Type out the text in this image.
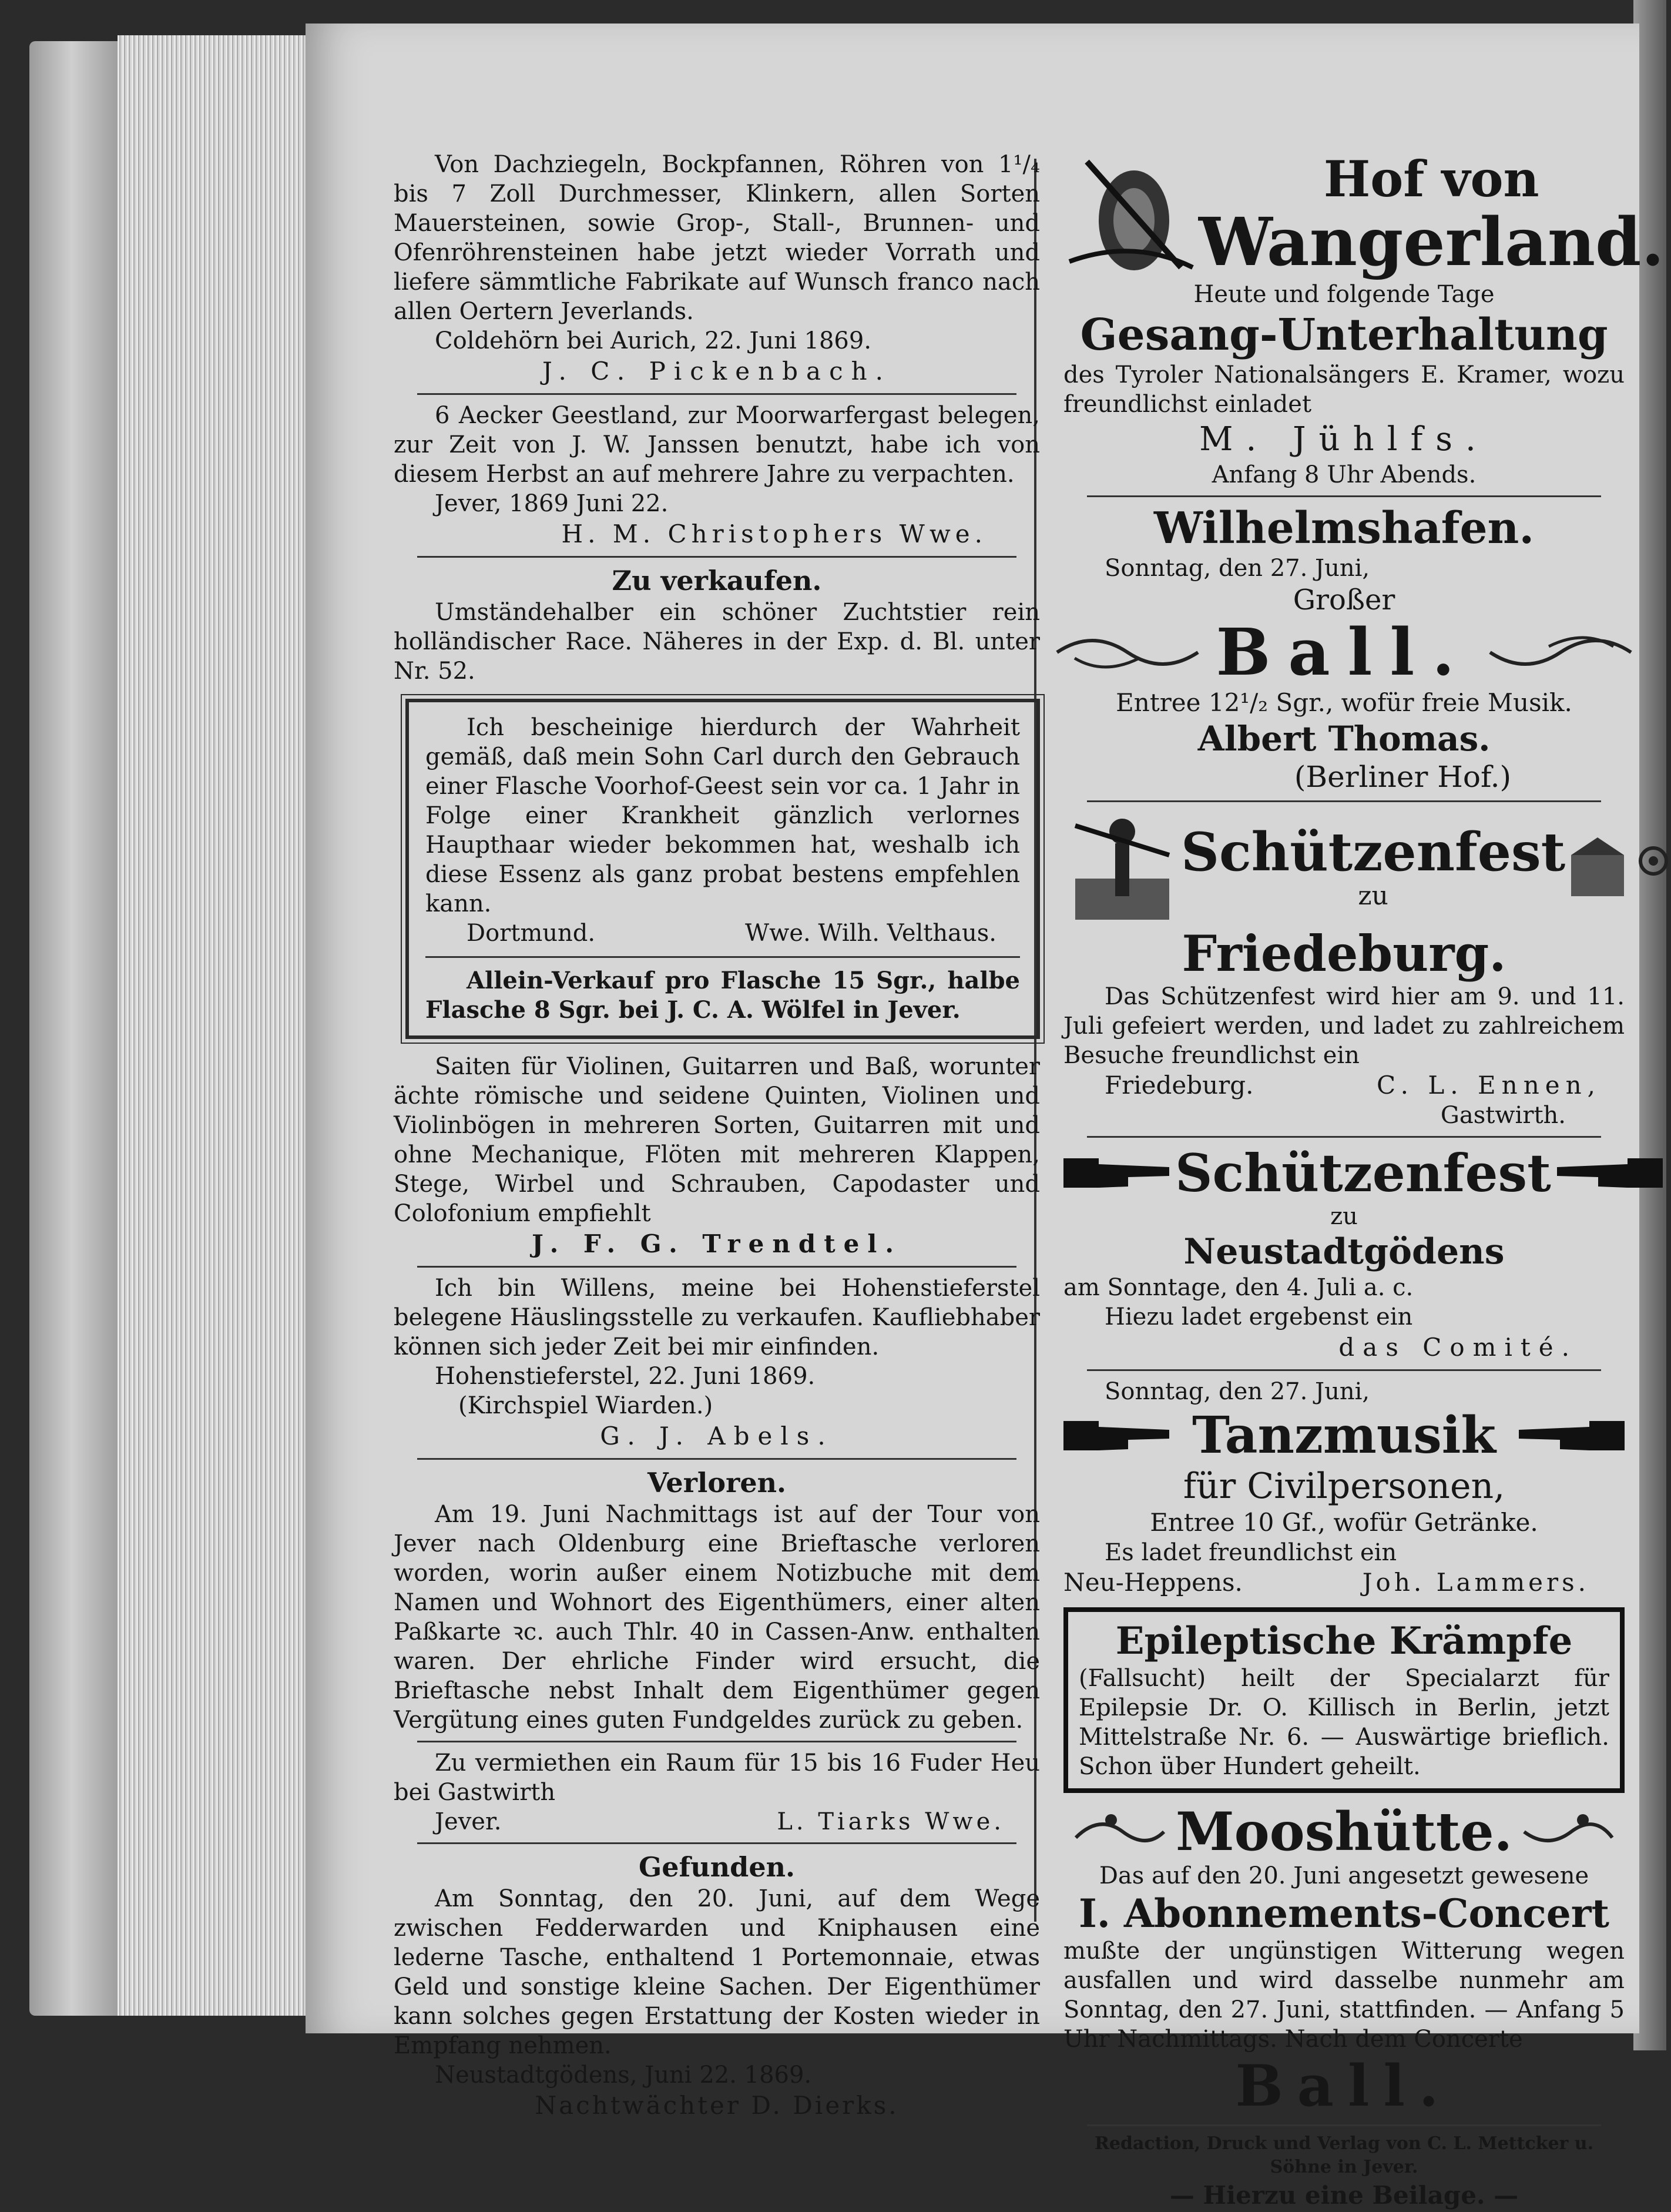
Von Dachziegeln, Bockpfannen, Röhren von 1¹/₄ bis 7 Zoll Durchmesser, Klinkern, allen Sorten Mauersteinen, sowie Grop-, Stall-, Brunnen- und Ofenröhrensteinen habe jetzt wieder Vorrath und liefere sämmtliche Fabrikate auf Wunsch franco nach allen Oertern Jeverlands.

Coldehörn bei Aurich, 22. Juni 1869.

J. C. Pickenbach.

6 Aecker Geestland, zur Moorwarfergast belegen, zur Zeit von J. W. Janssen benutzt, habe ich von diesem Herbst an auf mehrere Jahre zu verpachten.

Jever, 1869 Juni 22.

H. M. Christophers Wwe.

Zu verkaufen.

Umständehalber ein schöner Zuchtstier rein holländischer Race. Näheres in der Exp. d. Bl. unter Nr. 52.

Ich bescheinige hierdurch der Wahrheit gemäß, daß mein Sohn Carl durch den Gebrauch einer Flasche Voorhof-Geest sein vor ca. 1 Jahr in Folge einer Krankheit gänzlich verlornes Haupthaar wieder bekommen hat, weshalb ich diese Essenz als ganz probat bestens empfehlen kann.

Dortmund.	Wwe. Wilh. Velthaus.

Allein-Verkauf pro Flasche 15 Sgr., halbe Flasche 8 Sgr. bei J. C. A. Wölfel in Jever.

Saiten für Violinen, Guitarren und Baß, worunter ächte römische und seidene Quinten, Violinen und Violinbögen in mehreren Sorten, Guitarren mit und ohne Mechanique, Flöten mit mehreren Klappen, Stege, Wirbel und Schrauben, Capodaster und Colofonium empfiehlt

J. F. G. Trendtel.

Ich bin Willens, meine bei Hohenstieferstel belegene Häuslingsstelle zu verkaufen. Kaufliebhaber können sich jeder Zeit bei mir einfinden.

Hohenstieferstel, 22. Juni 1869.

(Kirchspiel Wiarden.)

G. J. Abels.

Verloren.

Am 19. Juni Nachmittags ist auf der Tour von Jever nach Oldenburg eine Brieftasche verloren worden, worin außer einem Notizbuche mit dem Namen und Wohnort des Eigenthümers, einer alten Paßkarte ꝛc. auch Thlr. 40 in Cassen-Anw. enthalten waren. Der ehrliche Finder wird ersucht, die Brieftasche nebst Inhalt dem Eigenthümer gegen Vergütung eines guten Fundgeldes zurück zu geben.

Zu vermiethen ein Raum für 15 bis 16 Fuder Heu bei Gastwirth

Jever.	L. Tiarks Wwe.

Gefunden.

Am Sonntag, den 20. Juni, auf dem Wege zwischen Fedderwarden und Kniphausen eine lederne Tasche, enthaltend 1 Portemonnaie, etwas Geld und sonstige kleine Sachen. Der Eigenthümer kann solches gegen Erstattung der Kosten wieder in Empfang nehmen.

Neustadtgödens, Juni 22. 1869.

Nachtwächter D. Dierks.

Hof von
Wangerland.

Heute und folgende Tage

Gesang-Unterhaltung

des Tyroler Nationalsängers E. Kramer, wozu freundlichst einladet

M. Jühlfs.

Anfang 8 Uhr Abends.

Wilhelmshafen.

Sonntag, den 27. Juni,

Großer

Ball.

Entree 12¹/₂ Sgr., wofür freie Musik.

Albert Thomas.

(Berliner Hof.)

Schützenfest
zu

Friedeburg.

Das Schützenfest wird hier am 9. und 11. Juli gefeiert werden, und ladet zu zahlreichem Besuche freundlichst ein

Friedeburg.	C. L. Ennen,

Gastwirth.

Schützenfest

zu

Neustadtgödens

am Sonntage, den 4. Juli a. c.

Hiezu ladet ergebenst ein

das Comité.

Sonntag, den 27. Juni,

Tanzmusik

für Civilpersonen,

Entree 10 Gf., wofür Getränke.

Es ladet freundlichst ein

Neu-Heppens.	Joh. Lammers.

Epileptische Krämpfe

(Fallsucht) heilt der Specialarzt für Epilepsie Dr. O. Killisch in Berlin, jetzt Mittelstraße Nr. 6. — Auswärtige brieflich. Schon über Hundert geheilt.

Mooshütte.

Das auf den 20. Juni angesetzt gewesene

I. Abonnements-Concert

mußte der ungünstigen Witterung wegen ausfallen und wird dasselbe nunmehr am Sonntag, den 27. Juni, stattfinden. — Anfang 5 Uhr Nachmittags. Nach dem Concerte

Ball.

Redaction, Druck und Verlag von C. L. Mettcker u. Söhne in Jever.

— Hierzu eine Beilage. —
